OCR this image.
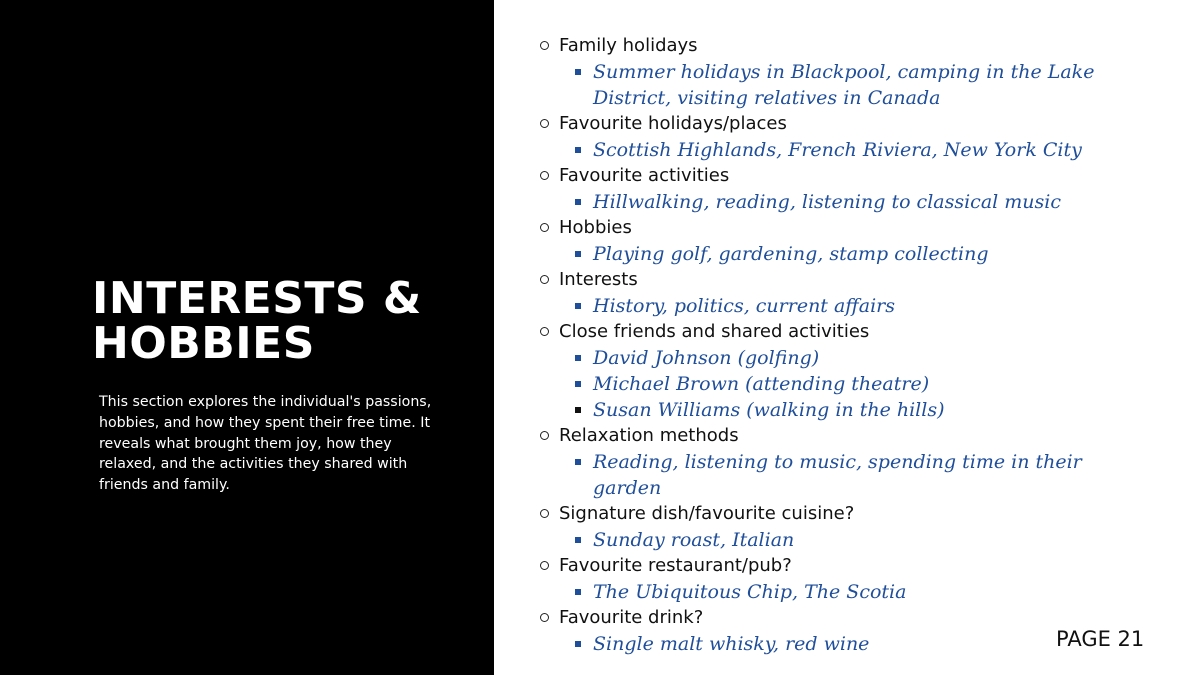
INTERESTS &
HOBBIES

This section explores the individual's passions, hobbies, and how they spent their free time. It reveals what brought them joy, how they relaxed, and the activities they shared with friends and family.

Family holidays
Summer holidays in Blackpool, camping in the Lake District, visiting relatives in Canada
Favourite holidays/places
Scottish Highlands, French Riviera, New York City
Favourite activities
Hillwalking, reading, listening to classical music
Hobbies
Playing golf, gardening, stamp collecting
Interests
History, politics, current affairs
Close friends and shared activities
David Johnson (golfing)
Michael Brown (attending theatre)
Susan Williams (walking in the hills)
Relaxation methods
Reading, listening to music, spending time in their garden
Signature dish/favourite cuisine?
Sunday roast, Italian
Favourite restaurant/pub?
The Ubiquitous Chip, The Scotia
Favourite drink?
Single malt whisky, red wine	PAGE 21
